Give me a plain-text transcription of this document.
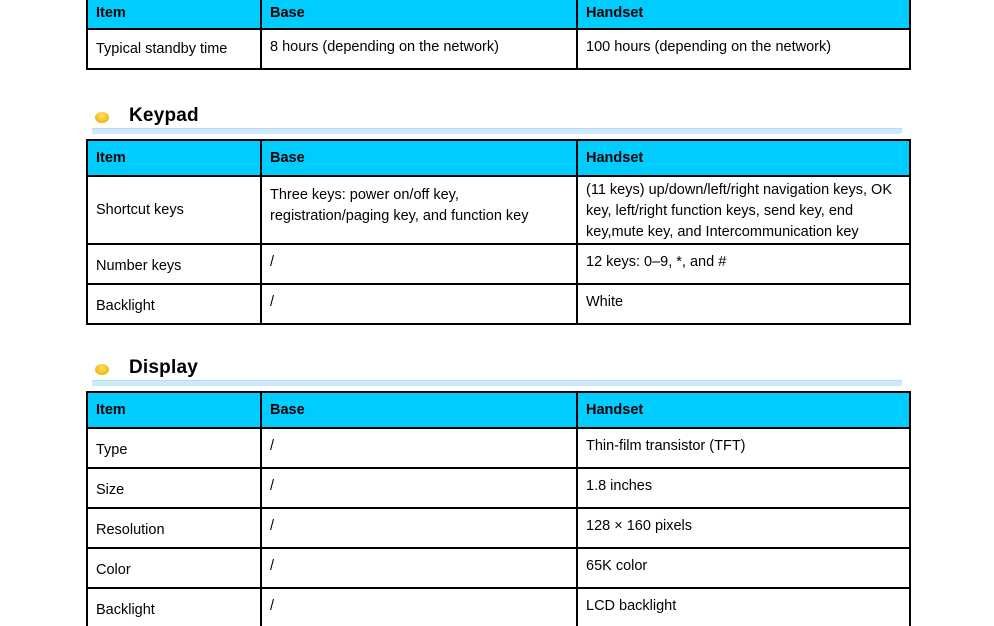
Item	Base	Handset
Typical standby time	8 hours (depending on the network)	100 hours (depending on the network)
Keypad
Item	Base	Handset
Shortcut keys	Three keys: power on/off key, registration/paging key, and function key	(11 keys) up/down/left/right navigation keys, OK key, left/right function keys, send key, end key,mute key, and Intercommunication key
Number keys	/	12 keys: 0–9, *, and #
Backlight	/	White
Display
Item	Base	Handset
Type	/	Thin-film transistor (TFT)
Size	/	1.8 inches
Resolution	/	128 × 160 pixels
Color	/	65K color
Backlight	/	LCD backlight
